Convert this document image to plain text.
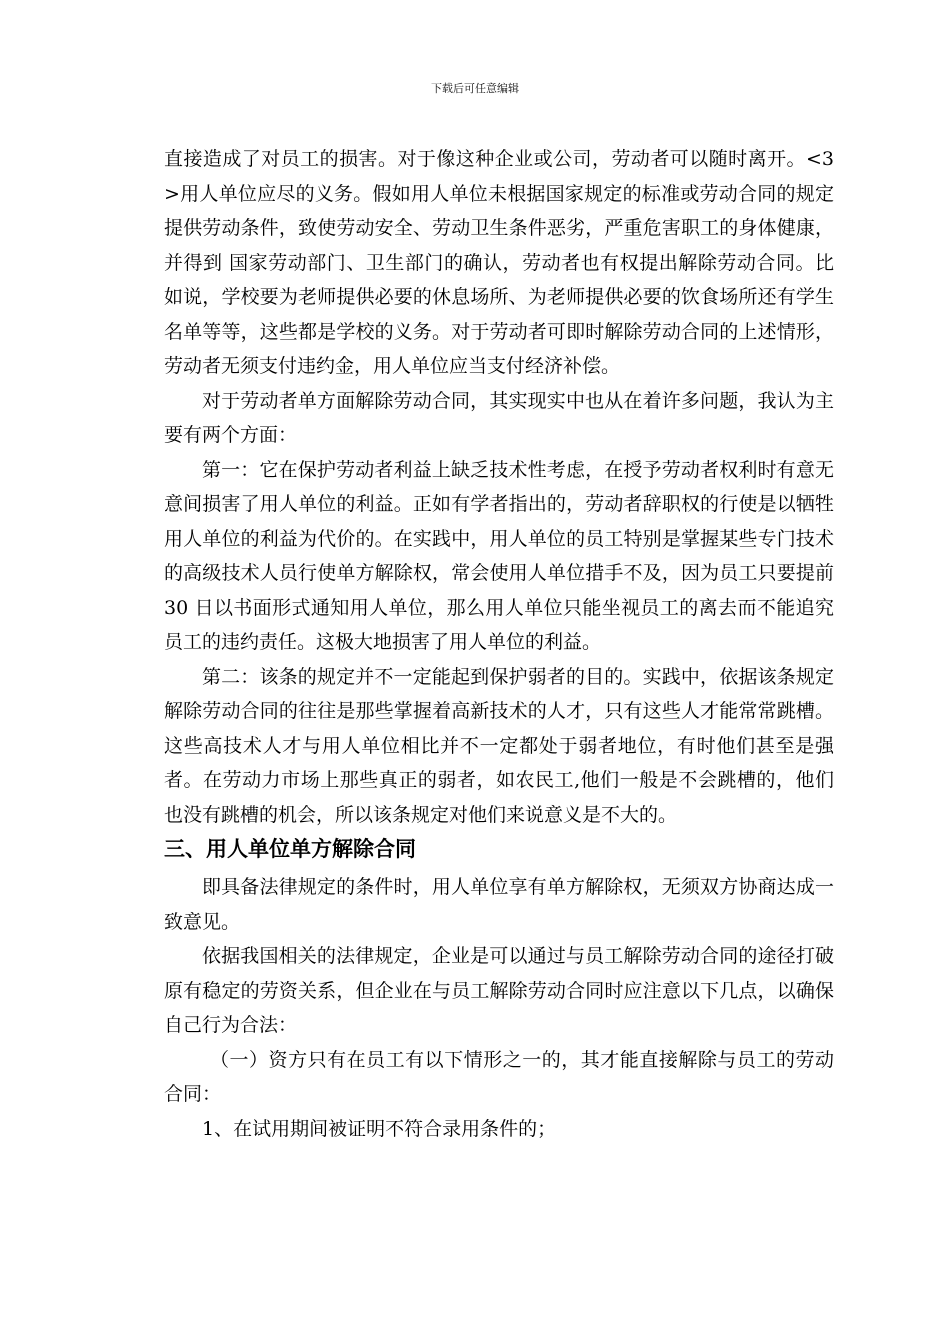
下载后可任意编辑

直接造成了对员工的损害。对于像这种企业或公司，劳动者可以随时离开。<3>用人单位应尽的义务。假如用人单位未根据国家规定的标准或劳动合同的规定提供劳动条件，致使劳动安全、劳动卫生条件恶劣，严重危害职工的身体健康，并得到 国家劳动部门、卫生部门的确认，劳动者也有权提出解除劳动合同。比如说，学校要为老师提供必要的休息场所、为老师提供必要的饮食场所还有学生名单等等，这些都是学校的义务。对于劳动者可即时解除劳动合同的上述情形，劳动者无须支付违约金，用人单位应当支付经济补偿。

对于劳动者单方面解除劳动合同，其实现实中也从在着许多问题，我认为主要有两个方面：

第一：它在保护劳动者利益上缺乏技术性考虑，在授予劳动者权利时有意无意间损害了用人单位的利益。正如有学者指出的，劳动者辞职权的行使是以牺牲用人单位的利益为代价的。在实践中，用人单位的员工特别是掌握某些专门技术的高级技术人员行使单方解除权，常会使用人单位措手不及，因为员工只要提前 30 日以书面形式通知用人单位，那么用人单位只能坐视员工的离去而不能追究员工的违约责任。这极大地损害了用人单位的利益。

第二：该条的规定并不一定能起到保护弱者的目的。实践中，依据该条规定解除劳动合同的往往是那些掌握着高新技术的人才，只有这些人才能常常跳槽。这些高技术人才与用人单位相比并不一定都处于弱者地位，有时他们甚至是强者。在劳动力市场上那些真正的弱者，如农民工,他们一般是不会跳槽的，他们也没有跳槽的机会，所以该条规定对他们来说意义是不大的。

三、用人单位单方解除合同

即具备法律规定的条件时，用人单位享有单方解除权，无须双方协商达成一致意见。

依据我国相关的法律规定，企业是可以通过与员工解除劳动合同的途径打破原有稳定的劳资关系，但企业在与员工解除劳动合同时应注意以下几点，以确保自己行为合法：

（一）资方只有在员工有以下情形之一的，其才能直接解除与员工的劳动合同：

1、在试用期间被证明不符合录用条件的；
